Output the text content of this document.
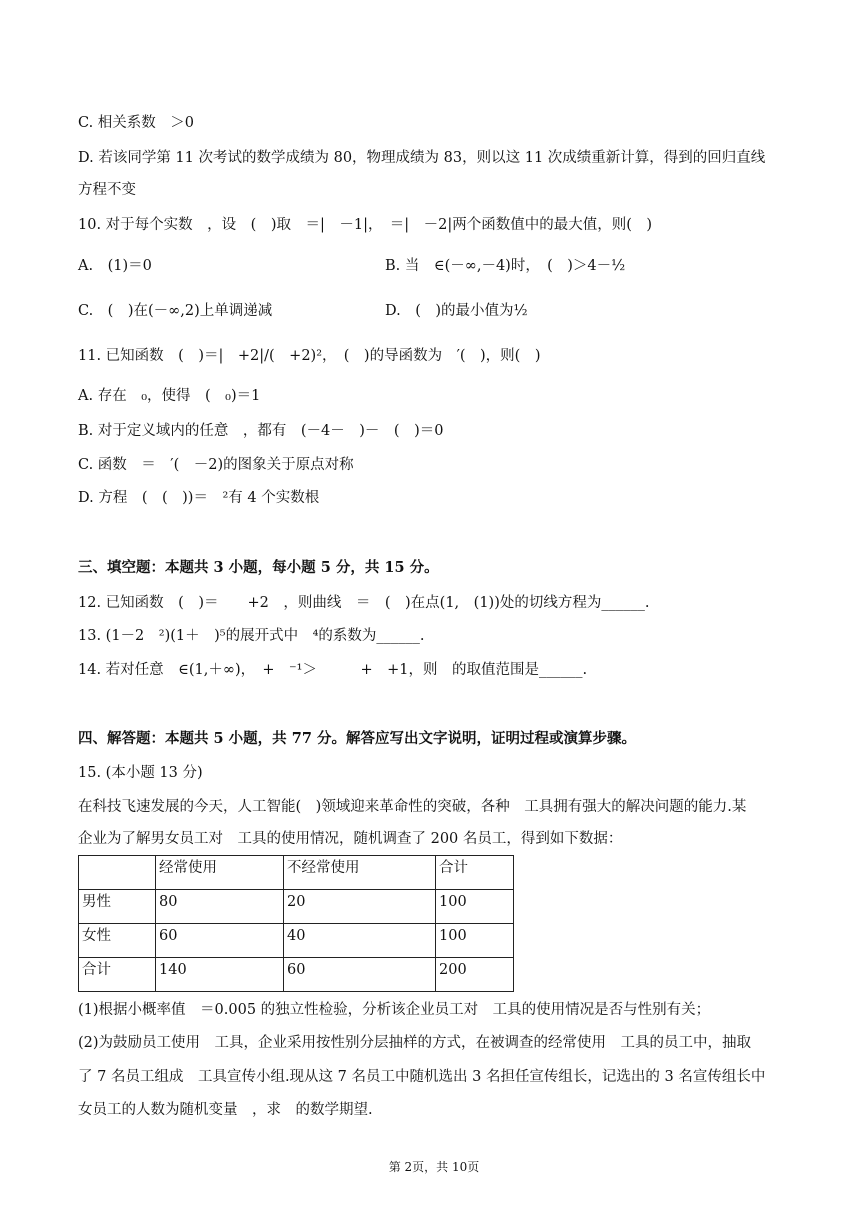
C. 相关系数　＞0
D. 若该同学第 11 次考试的数学成绩为 80，物理成绩为 83，则以这 11 次成绩重新计算，得到的回归直线
方程不变
10. 对于每个实数　，设　(　)取　＝|　－1|，　＝|　－2|两个函数值中的最大值，则(　)
A.　(1)＝0	B. 当　∈(－∞,－4)时，　(　)＞4－½
C.　(　)在(－∞,2)上单调递减	D.　(　)的最小值为½
11. 已知函数　(　)＝|　+2|/(　+2)²，　(　)的导函数为　′(　)，则(　)
A. 存在　₀，使得　(　₀)＝1
B. 对于定义域内的任意　，都有　(－4－　)－　(　)＝0
C. 函数　＝　′(　－2)的图象关于原点对称
D. 方程　(　(　))＝　²有 4 个实数根
三、填空题：本题共 3 小题，每小题 5 分，共 15 分。
12. 已知函数　(　)＝　　+2　，则曲线　＝　(　)在点(1,　(1))处的切线方程为______.
13. (1－2　²)(1＋　)⁵的展开式中　⁴的系数为______.
14. 若对任意　∈(1,＋∞)，　+　⁻¹＞　　　+　+1，则　的取值范围是______.
四、解答题：本题共 5 小题，共 77 分。解答应写出文字说明，证明过程或演算步骤。
15. (本小题 13 分)
在科技飞速发展的今天，人工智能(　)领域迎来革命性的突破，各种　工具拥有强大的解决问题的能力.某
企业为了解男女员工对　工具的使用情况，随机调查了 200 名员工，得到如下数据：
	经常使用	不经常使用	合计
男性	80	20	100
女性	60	40	100
合计	140	60	200
(1)根据小概率值　＝0.005 的独立性检验，分析该企业员工对　工具的使用情况是否与性别有关；
(2)为鼓励员工使用　工具，企业采用按性别分层抽样的方式，在被调查的经常使用　工具的员工中，抽取
了 7 名员工组成　工具宣传小组.现从这 7 名员工中随机选出 3 名担任宣传组长，记选出的 3 名宣传组长中
女员工的人数为随机变量　，求　的数学期望.
第 2页，共 10页
